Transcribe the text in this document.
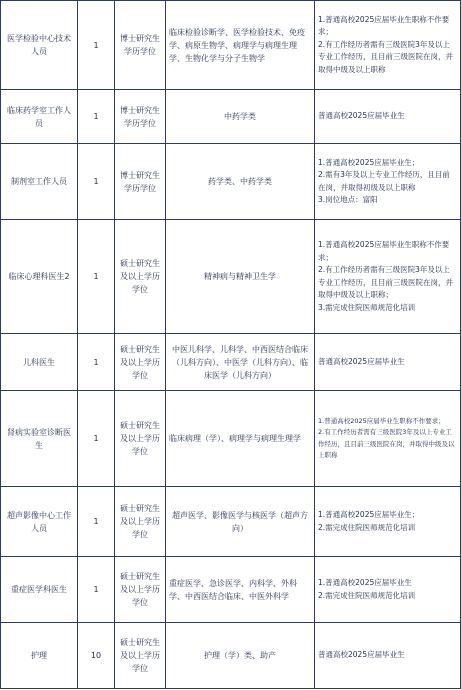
医学检验中心技术人员	1	博士研究生学历学位	临床检验诊断学、医学检验技术、免疫学、病原生物学、病理学与病理生理学、生物化学与分子生物学	1.普通高校2025应届毕业生职称不作要求；
2.有工作经历者需有三级医院3年及以上专业工作经历，且目前三级医院在岗，并取得中级及以上职称

临床药学室工作人员	1	博士研究生学历学位	中药学类	普通高校2025应届毕业生

制剂室工作人员	1	博士研究生学历学位	药学类、中药学类	1.普通高校2025应届毕业生；
2.需有3年及以上专业工作经历，且目前在岗，并取得初级及以上职称
3.岗位地点：富阳

临床心理科医生2	1	硕士研究生及以上学历学位	精神病与精神卫生学	1.普通高校2025应届毕业生职称不作要求；
2.有工作经历者需有三级医院3年及以上专业工作经历，且目前三级医院在岗，并取得中级及以上职称；
3.需完成住院医师规范化培训

儿科医生	1	硕士研究生及以上学历学位	中医儿科学、儿科学、中西医结合临床（儿科方向）、中医学（儿科方向）、临床医学（儿科方向）	普通高校2025应届毕业生

肾病实验室诊断医生	1	硕士研究生及以上学历学位	临床病理（学）、病理学与病理生理学	1.普通高校2025应届毕业生职称不作要求；
2.有工作经历者需有三级医院3年及以上专业工作经历，且目前三级医院在岗，并取得中级及以上职称

超声影像中心工作人员	1	硕士研究生及以上学历学位	超声医学、影像医学与核医学（超声方向）	1.普通高校2025应届毕业生；
2.需完成住院医师规范化培训

重症医学科医生	1	硕士研究生及以上学历学位	重症医学、急诊医学、内科学、外科学、中西医结合临床、中医外科学	1.普通高校2025应届毕业生
2.需完成住院医师规范化培训

护理	10	硕士研究生及以上学历学位	护理（学）类、助产	普通高校2025应届毕业生
